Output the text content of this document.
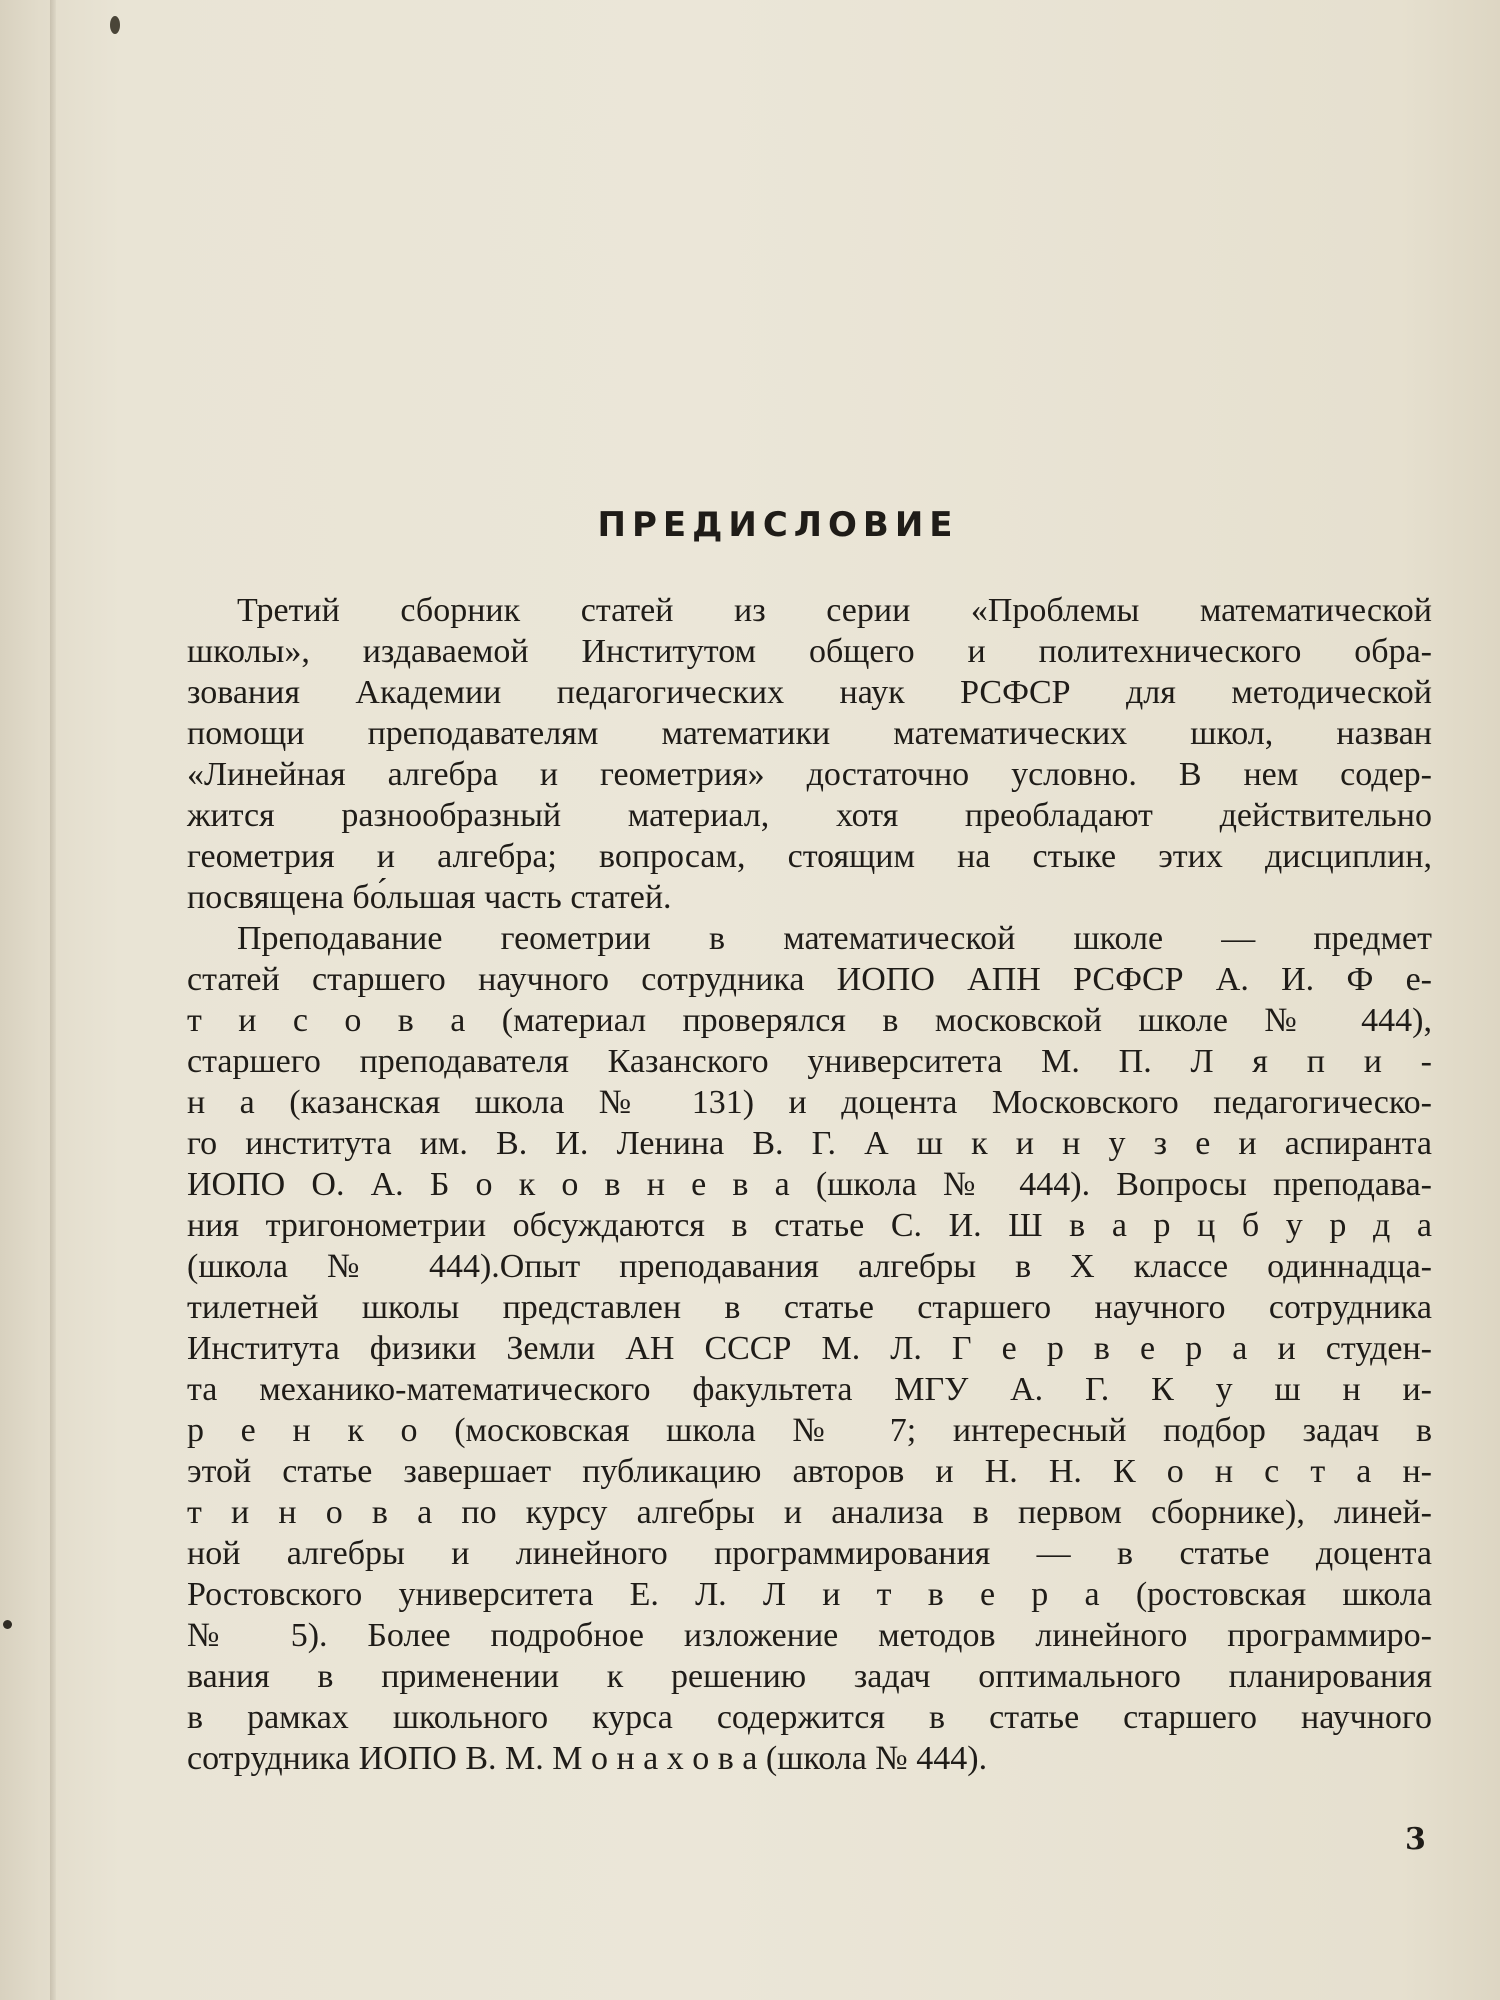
ПРЕДИСЛОВИЕ
Третий сборник статей из серии «Проблемы математической
школы», издаваемой Институтом общего и политехнического обра-
зования Академии педагогических наук РСФСР для методической
помощи преподавателям математики математических школ, назван
«Линейная алгебра и геометрия» достаточно условно. В нем содер-
жится разнообразный материал, хотя преобладают действительно
геометрия и алгебра; вопросам, стоящим на стыке этих дисциплин,
посвящена бо́льшая часть статей.
Преподавание геометрии в математической школе — предмет
статей старшего научного сотрудника ИОПО АПН РСФСР А. И. Ф е-
т и с о в а (материал проверялся в московской школе № 444),
старшего преподавателя Казанского университета М. П. Л я п и -
н а (казанская школа № 131) и доцента Московского педагогическо-
го института им. В. И. Ленина В. Г. А ш к и н у з е и аспиранта
ИОПО О. А. Б о к о в н е в а (школа № 444). Вопросы преподава-
ния тригонометрии обсуждаются в статье С. И. Ш в а р ц б у р д а
(школа № 444).Опыт преподавания алгебры в X классе одиннадца-
тилетней школы представлен в статье старшего научного сотрудника
Института физики Земли АН СССР М. Л. Г е р в е р а и студен-
та механико-математического факультета МГУ А. Г. К у ш н и-
р е н к о (московская школа № 7; интересный подбор задач в
этой статье завершает публикацию авторов и Н. Н. К о н с т а н-
т и н о в а по курсу алгебры и анализа в первом сборнике), линей-
ной алгебры и линейного программирования — в статье доцента
Ростовского университета Е. Л. Л и т в е р а (ростовская школа
№ 5). Более подробное изложение методов линейного программиро-
вания в применении к решению задач оптимального планирования
в рамках школьного курса содержится в статье старшего научного
сотрудника ИОПО В. М. М о н а х о в а (школа № 444).
3
